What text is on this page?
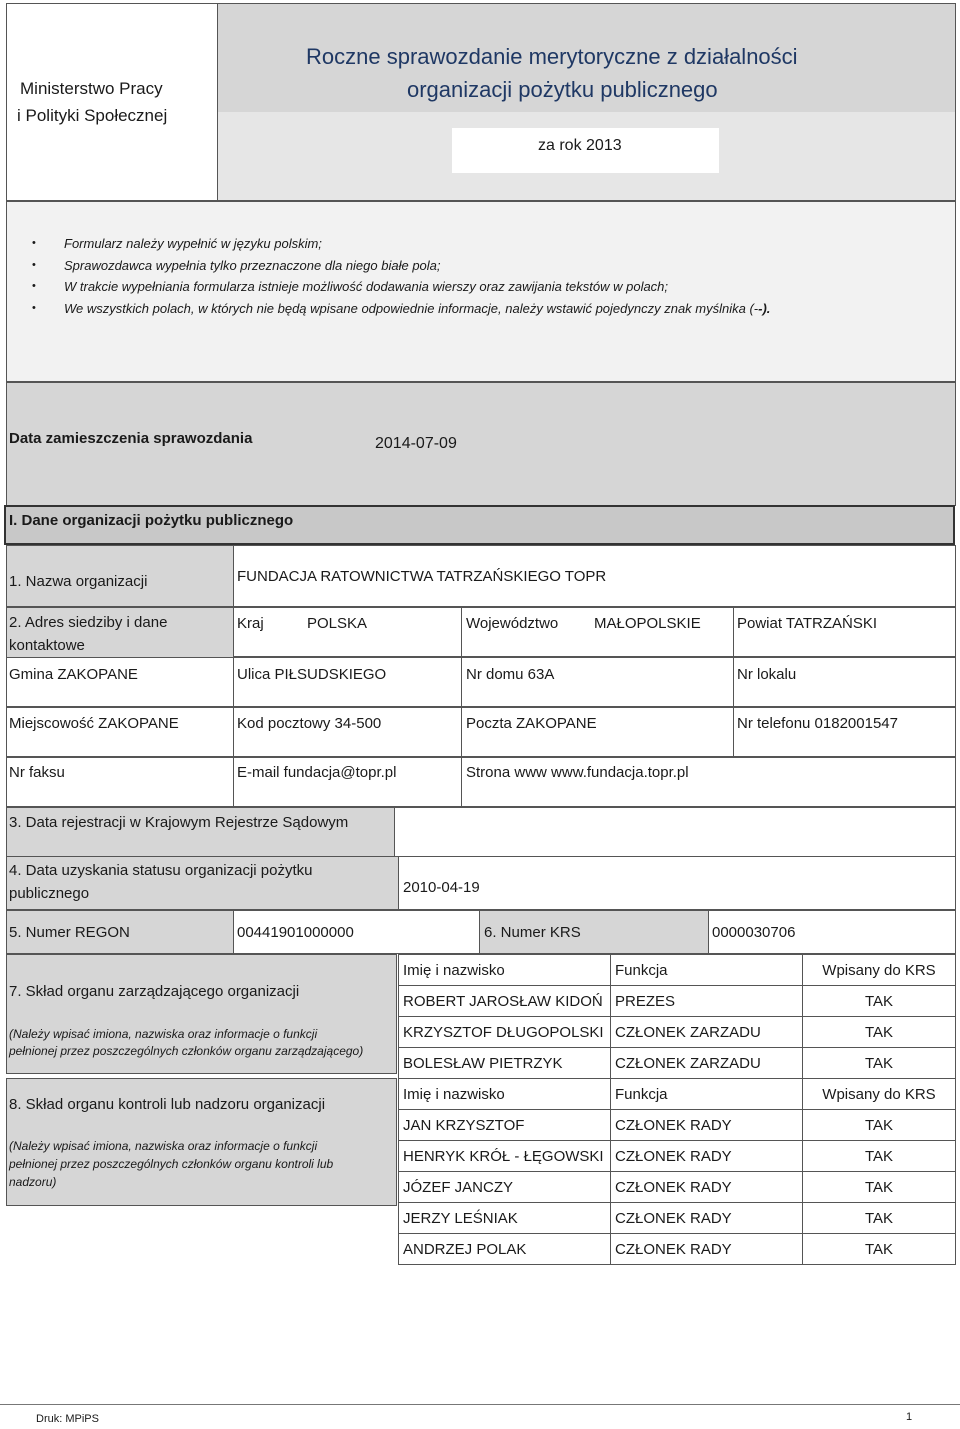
Ministerstwo Pracy
i Polityki Społecznej
Roczne sprawozdanie merytoryczne z działalności
organizacji pożytku publicznego
za rok 2013
• Formularz należy wypełnić w języku polskim;
• Sprawozdawca wypełnia tylko przeznaczone dla niego białe pola;
• W trakcie wypełniania formularza istnieje możliwość dodawania wierszy oraz zawijania tekstów w polach;
• We wszystkich polach, w których nie będą wpisane odpowiednie informacje, należy wstawić pojedynczy znak myślnika (--).
Data zamieszczenia sprawozdania	2014-07-09
I. Dane organizacji pożytku publicznego
1. Nazwa organizacji	FUNDACJA RATOWNICTWA TATRZAŃSKIEGO TOPR
2. Adres siedziby i dane
kontaktowe
Kraj	POLSKA	Województwo MAŁOPOLSKIE Powiat TATRZAŃSKI
Gmina ZAKOPANE	Ulica PIŁSUDSKIEGO	Nr domu 63A	Nr lokalu
Miejscowość ZAKOPANE	Kod pocztowy 34-500	Poczta ZAKOPANE	Nr telefonu 0182001547
Nr faksu	E-mail fundacja@topr.pl	Strona www www.fundacja.topr.pl
3. Data rejestracji w Krajowym Rejestrze Sądowym
4. Data uzyskania statusu organizacji pożytku
publicznego	2010-04-19
5. Numer REGON	00441901000000	6. Numer KRS	0000030706
7. Skład organu zarządzającego organizacji
(Należy wpisać imiona, nazwiska oraz informacje o funkcji
pełnionej przez poszczególnych członków organu zarządzającego)
Imię i nazwisko	Funkcja	Wpisany do KRS
ROBERT JAROSŁAW KIDOŃ	PREZES	TAK
KRZYSZTOF DŁUGOPOLSKI	CZŁONEK ZARZADU	TAK
BOLESŁAW PIETRZYK	CZŁONEK ZARZADU	TAK
8. Skład organu kontroli lub nadzoru organizacji
(Należy wpisać imiona, nazwiska oraz informacje o funkcji
pełnionej przez poszczególnych członków organu kontroli lub
nadzoru)
Imię i nazwisko	Funkcja	Wpisany do KRS
JAN KRZYSZTOF	CZŁONEK RADY	TAK
HENRYK KRÓŁ - ŁĘGOWSKI	CZŁONEK RADY	TAK
JÓZEF JANCZY	CZŁONEK RADY	TAK
JERZY LEŚNIAK	CZŁONEK RADY	TAK
ANDRZEJ POLAK	CZŁONEK RADY	TAK
Druk: MPiPS	1
